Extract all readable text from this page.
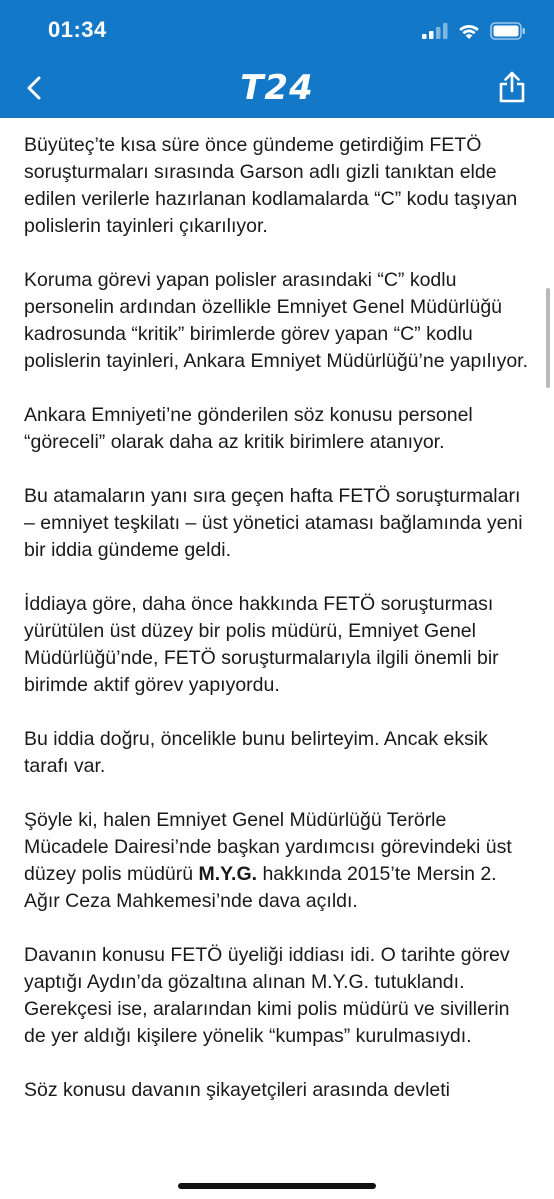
01:34
T24

Büyüteç’te kısa süre önce gündeme getirdiğim FETÖ soruşturmaları sırasında Garson adlı gizli tanıktan elde edilen verilerle hazırlanan kodlamalarda “C” kodu taşıyan polislerin tayinleri çıkarılıyor.

Koruma görevi yapan polisler arasındaki “C” kodlu personelin ardından özellikle Emniyet Genel Müdürlüğü kadrosunda “kritik” birimlerde görev yapan “C” kodlu polislerin tayinleri, Ankara Emniyet Müdürlüğü’ne yapılıyor.

Ankara Emniyeti’ne gönderilen söz konusu personel “göreceli” olarak daha az kritik birimlere atanıyor.

Bu atamaların yanı sıra geçen hafta FETÖ soruşturmaları – emniyet teşkilatı – üst yönetici ataması bağlamında yeni bir iddia gündeme geldi.

İddiaya göre, daha önce hakkında FETÖ soruşturması yürütülen üst düzey bir polis müdürü, Emniyet Genel Müdürlüğü’nde, FETÖ soruşturmalarıyla ilgili önemli bir birimde aktif görev yapıyordu.

Bu iddia doğru, öncelikle bunu belirteyim. Ancak eksik tarafı var.

Şöyle ki, halen Emniyet Genel Müdürlüğü Terörle Mücadele Dairesi’nde başkan yardımcısı görevindeki üst düzey polis müdürü M.Y.G. hakkında 2015’te Mersin 2. Ağır Ceza Mahkemesi’nde dava açıldı.

Davanın konusu FETÖ üyeliği iddiası idi. O tarihte görev yaptığı Aydın’da gözaltına alınan M.Y.G. tutuklandı. Gerekçesi ise, aralarından kimi polis müdürü ve sivillerin de yer aldığı kişilere yönelik “kumpas” kurulmasıydı.

Söz konusu davanın şikayetçileri arasında devleti
